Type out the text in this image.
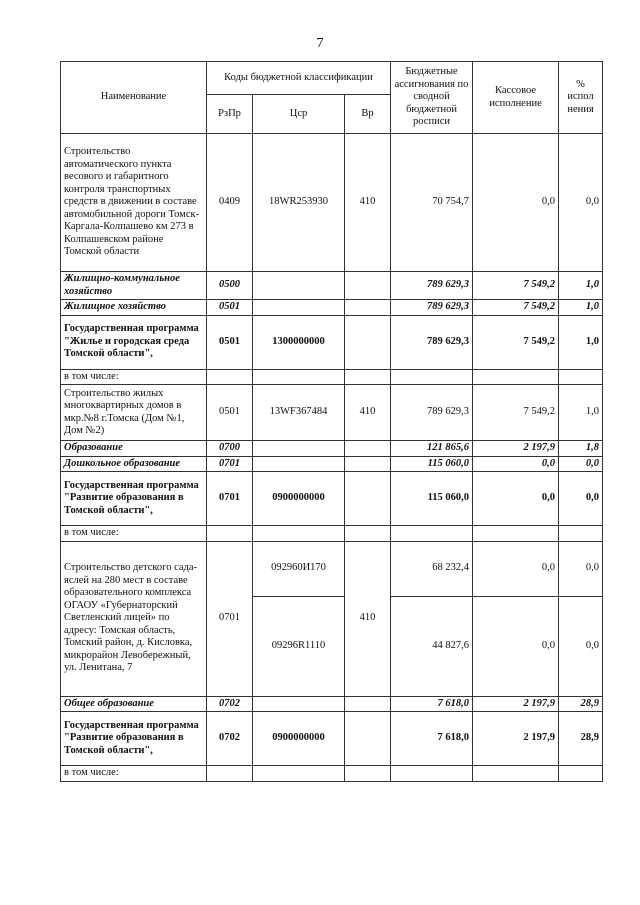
7
Наименование	Коды бюджетной классификации			Бюджетные ассигнования по сводной бюджетной росписи	Кассовое исполнение	% испол нения
	РзПр	Цср	Вр			
Строительство автоматического пункта весового и габаритного контроля транспортных средств в движении в составе автомобильной дороги Томск-Каргала-Колпашево км 273 в Колпашевском районе Томской области	0409	18WR253930	410	70 754,7	0,0	0,0
Жилищно-коммунальное хозяйство	0500			789 629,3	7 549,2	1,0
Жилищное хозяйство	0501			789 629,3	7 549,2	1,0
Государственная программа "Жилье и городская среда Томской области",	0501	1300000000		789 629,3	7 549,2	1,0
в том числе:						
Строительство жилых многоквартирных домов в мкр.№8 г.Томска (Дом №1, Дом №2)	0501	13WF367484	410	789 629,3	7 549,2	1,0
Образование	0700			121 865,6	2 197,9	1,8
Дошкольное образование	0701			115 060,0	0,0	0,0
Государственная программа "Развитие образования в Томской области",	0701	0900000000		115 060,0	0,0	0,0
в том числе:						
Строительство детского сада-яслей на 280 мест в составе образовательного комплекса ОГАОУ «Губернаторский Светленский лицей» по адресу: Томская область, Томский район, д. Кисловка, микрорайон Левобережный, ул. Ленитана, 7	0701	092960И170	410	68 232,4	0,0	0,0
		09296R1110		44 827,6	0,0	0,0
Общее образование	0702			7 618,0	2 197,9	28,9
Государственная программа "Развитие образования в Томской области",	0702	0900000000		7 618,0	2 197,9	28,9
в том числе:						
